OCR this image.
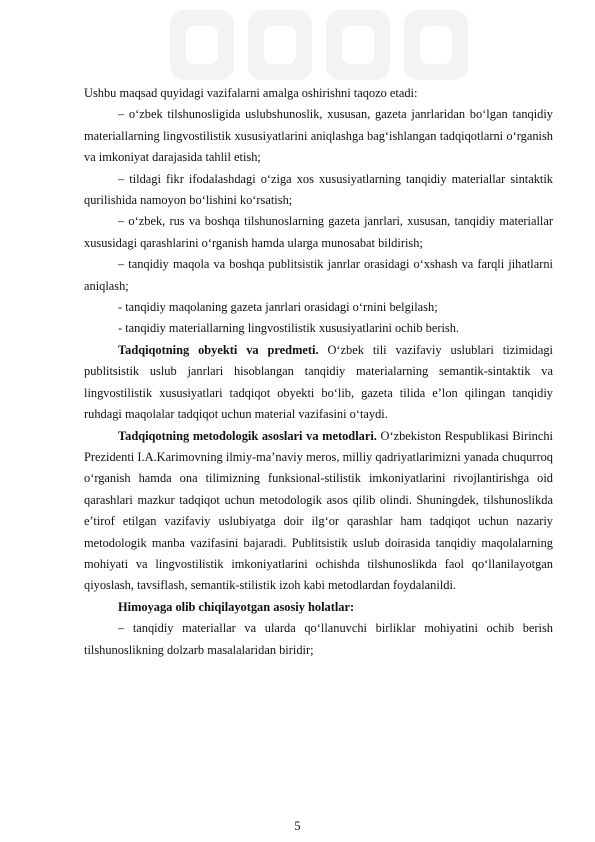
Ushbu maqsad quyidagi vazifalarni amalga oshirishni taqozo etadi:

– o‘zbek tilshunosligida uslubshunoslik, xususan, gazeta janrlaridan bo‘lgan tanqidiy materiallarning lingvostilistik xususiyatlarini aniqlashga bag‘ishlangan tadqiqotlarni o‘rganish va imkoniyat darajasida tahlil etish;

– tildagi fikr ifodalashdagi o‘ziga xos xususiyatlarning tanqidiy materiallar sintaktik qurilishida namoyon bo‘lishini ko‘rsatish;

– o‘zbek, rus va boshqa tilshunoslarning gazeta janrlari, xususan, tanqidiy materiallar xususidagi qarashlarini o‘rganish hamda ularga munosabat bildirish;

– tanqidiy maqola va boshqa publitsistik janrlar orasidagi o‘xshash va farqli jihatlarni aniqlash;

- tanqidiy maqolaning gazeta janrlari orasidagi o‘rnini belgilash;

- tanqidiy materiallarning lingvostilistik xususiyatlarini ochib berish.

Tadqiqotning obyekti va predmeti. O‘zbek tili vazifaviy uslublari tizimidagi publitsistik uslub janrlari hisoblangan tanqidiy materialarning semantik-sintaktik va lingvostilistik xususiyatlari tadqiqot obyekti bo‘lib, gazeta tilida e’lon qilingan tanqidiy ruhdagi maqolalar tadqiqot uchun material vazifasini o‘taydi.

Tadqiqotning metodologik asoslari va metodlari. O‘zbekiston Respublikasi Birinchi Prezidenti I.A.Karimovning ilmiy-ma’naviy meros, milliy qadriyatlarimizni yanada chuqurroq o‘rganish hamda ona tilimizning funksional-stilistik imkoniyatlarini rivojlantirishga oid qarashlari mazkur tadqiqot uchun metodologik asos qilib olindi. Shuningdek, tilshunoslikda e’tirof etilgan vazifaviy uslubiyatga doir ilg‘or qarashlar ham tadqiqot uchun nazariy metodologik manba vazifasini bajaradi. Publitsistik uslub doirasida tanqidiy maqolalarning mohiyati va lingvostilistik imkoniyatlarini ochishda tilshunoslikda faol qo‘llanilayotgan qiyoslash, tavsiflash, semantik-stilistik izoh kabi metodlardan foydalanildi.

Himoyaga olib chiqilayotgan asosiy holatlar:

– tanqidiy materiallar va ularda qo‘llanuvchi birliklar mohiyatini ochib berish tilshunoslikning dolzarb masalalaridan biridir;

5
